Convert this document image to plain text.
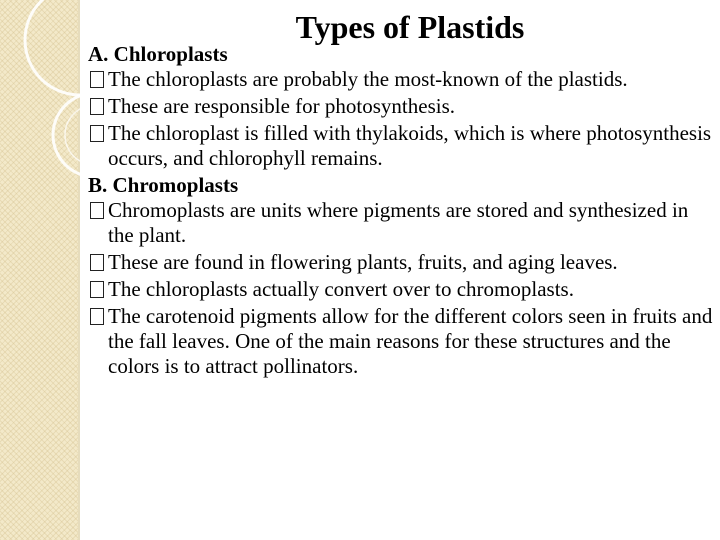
Types of Plastids

A. Chloroplasts

The chloroplasts are probably the most-known of the plastids.
These are responsible for photosynthesis.
The chloroplast is filled with thylakoids, which is where photosynthesis occurs, and chlorophyll remains.

B. Chromoplasts

Chromoplasts are units where pigments are stored and synthesized in the plant.
These are found in flowering plants, fruits, and aging leaves.
The chloroplasts actually convert over to chromoplasts.
The carotenoid pigments allow for the different colors seen in fruits and the fall leaves. One of the main reasons for these structures and the colors is to attract pollinators.
